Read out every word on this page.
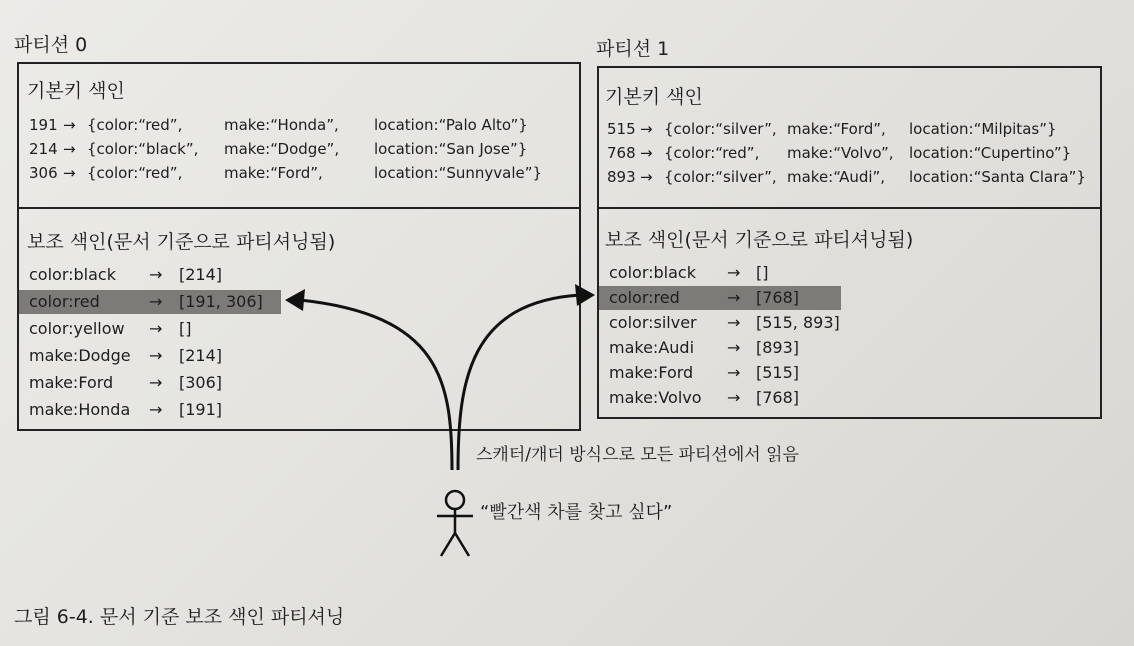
파티션 0
기본키 색인
191 → {color:“red”,	make:“Honda”, location:“Palo Alto”}
214 → {color:“black”, make:“Dodge”, location:“San Jose”}
306 → {color:“red”,	make:“Ford”,	location:“Sunnyvale”}
보조 색인(문서 기준으로 파티셔닝됨)
color:black → [214]
color:red	→ [191, 306]
color:yellow → []
make:Dodge → [214]
make:Ford → [306]
make:Honda → [191]
파티션 1
기본키 색인
515 → {color:“silver”, make:“Ford”, location:“Milpitas”}
768 → {color:“red”, make:“Volvo”, location:“Cupertino”}
893 → {color:“silver”, make:“Audi”, location:“Santa Clara”}
보조 색인(문서 기준으로 파티셔닝됨)
color:black → []
color:red	→ [768]
color:silver → [515, 893]
make:Audi → [893]
make:Ford → [515]
make:Volvo → [768]
스캐터/개더 방식으로 모든 파티션에서 읽음
“빨간색 차를 찾고 싶다”
그림 6-4. 문서 기준 보조 색인 파티셔닝
